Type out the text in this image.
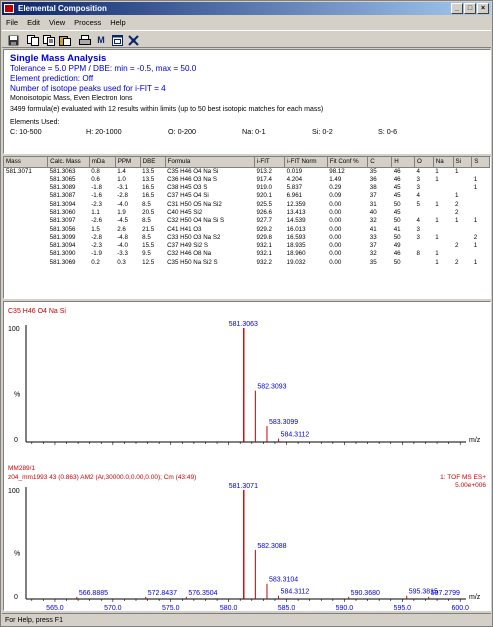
Elemental Composition	_	□	×
File Edit View Process Help
M
Single Mass Analysis
Tolerance = 5.0 PPM / DBE: min = -0.5, max = 50.0
Element prediction: Off
Number of isotope peaks used for i-FIT = 4
Monoisotopic Mass, Even Electron Ions
3499 formula(e) evaluated with 12 results within limits (up to 50 best isotopic matches for each mass)
Elements Used:
C: 10-500	H: 20-1000	O: 0-200	Na: 0-1	Si: 0-2	S: 0-6
Mass	Calc. Mass	mDa	PPM	DBE	Formula	i-FIT	i-FIT Norm	Fit Conf %	C	H	O	Na	Si	S
581.3071	581.3063	0.8	1.4	13.5	C35 H46 O4 Na Si	913.2	0.019	98.12	35	46	4	1	1	
	581.3065	0.6	1.0	13.5	C36 H46 O3 Na S	917.4	4.204	1.49	36	46	3	1		1
	581.3089	-1.8	-3.1	16.5	C38 H45 O3 S	919.0	5.837	0.29	38	45	3			1
	581.3087	-1.6	-2.8	16.5	C37 H45 O4 Si	920.1	6.961	0.09	37	45	4		1	
	581.3094	-2.3	-4.0	8.5	C31 H50 O5 Na Si2	925.5	12.359	0.00	31	50	5	1	2	
	581.3060	1.1	1.9	20.5	C40 H45 Si2	926.6	13.413	0.00	40	45			2	
	581.3097	-2.6	-4.5	8.5	C32 H50 O4 Na Si S	927.7	14.539	0.00	32	50	4	1	1	1
	581.3056	1.5	2.6	21.5	C41 H41 O3	929.2	16.013	0.00	41	41	3			
	581.3099	-2.8	-4.8	8.5	C33 H50 O3 Na S2	929.8	16.593	0.00	33	50	3	1		2
	581.3094	-2.3	-4.0	15.5	C37 H49 Si2 S	932.1	18.935	0.00	37	49			2	1
	581.3090	-1.9	-3.3	9.5	C32 H46 O8 Na	932.1	18.960	0.00	32	46	8	1		
	581.3069	0.2	0.3	12.5	C35 H50 Na Si2 S	932.2	19.032	0.00	35	50		1	2	1
C35 H46 O4 Na Si
100
0
%
m/z
581.3063
582.3093
583.3099
584.3112
MM289/1
z04_mm1993 43 (0.863) AM2 (Ar,30000.0,0.00,0.00); Cm (43:49)	1: TOF MS ES+
5.00e+006
100
0
%
m/z
566.8885	572.8437 576.3504
581.3071
582.3088
583.3104
584.3112	590.3680	595.3815
597.2799
565.0	570.0	575.0	580.0	585.0	590.0	595.0	600.0
For Help, press F1
